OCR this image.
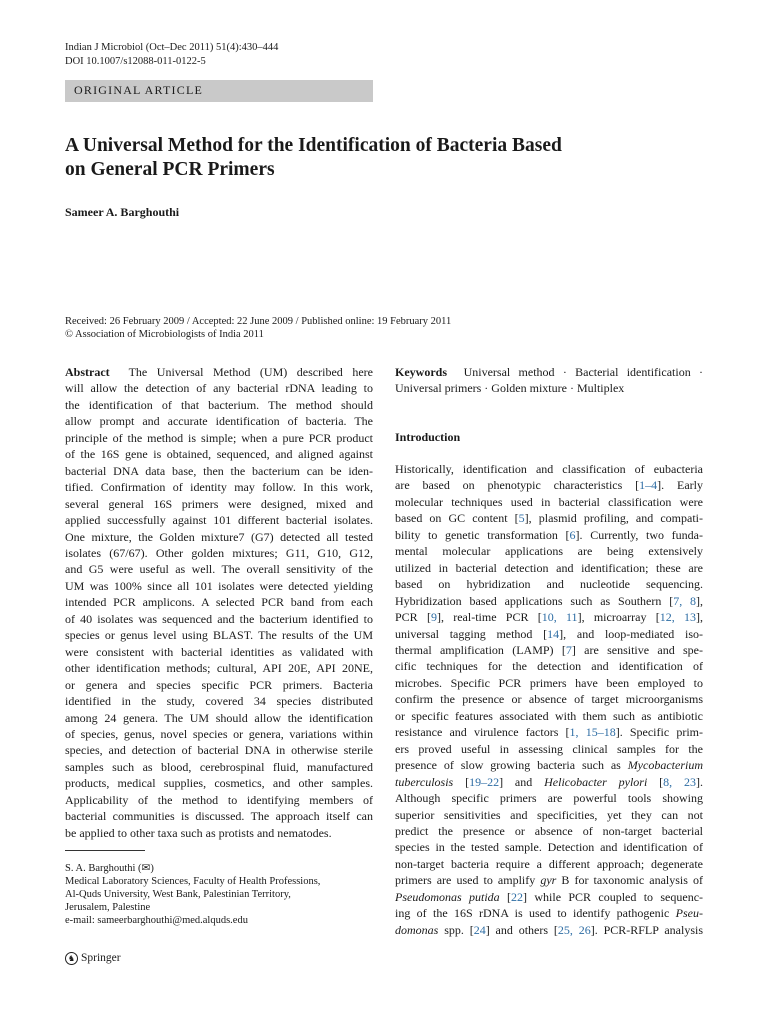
Indian J Microbiol (Oct–Dec 2011) 51(4):430–444
DOI 10.1007/s12088-011-0122-5
ORIGINAL ARTICLE
A Universal Method for the Identification of Bacteria Based
on General PCR Primers
Sameer A. Barghouthi
Received: 26 February 2009 / Accepted: 22 June 2009 / Published online: 19 February 2011
© Association of Microbiologists of India 2011
Abstract  The Universal Method (UM) described here
will allow the detection of any bacterial rDNA leading to
the identification of that bacterium. The method should
allow prompt and accurate identification of bacteria. The
principle of the method is simple; when a pure PCR product
of the 16S gene is obtained, sequenced, and aligned against
bacterial DNA data base, then the bacterium can be iden-
tified. Confirmation of identity may follow. In this work,
several general 16S primers were designed, mixed and
applied successfully against 101 different bacterial isolates.
One mixture, the Golden mixture7 (G7) detected all tested
isolates (67/67). Other golden mixtures; G11, G10, G12,
and G5 were useful as well. The overall sensitivity of the
UM was 100% since all 101 isolates were detected yielding
intended PCR amplicons. A selected PCR band from each
of 40 isolates was sequenced and the bacterium identified to
species or genus level using BLAST. The results of the UM
were consistent with bacterial identities as validated with
other identification methods; cultural, API 20E, API 20NE,
or genera and species specific PCR primers. Bacteria
identified in the study, covered 34 species distributed
among 24 genera. The UM should allow the identification
of species, genus, novel species or genera, variations within
species, and detection of bacterial DNA in otherwise sterile
samples such as blood, cerebrospinal fluid, manufactured
products, medical supplies, cosmetics, and other samples.
Applicability of the method to identifying members of
bacterial communities is discussed. The approach itself can
be applied to other taxa such as protists and nematodes.
S. A. Barghouthi (✉)
Medical Laboratory Sciences, Faculty of Health Professions,
Al-Quds University, West Bank, Palestinian Territory,
Jerusalem, Palestine
e-mail: sameerbarghouthi@med.alquds.edu
♞ Springer
Keywords Universal method · Bacterial identification ·
Universal primers · Golden mixture · Multiplex
Introduction
Historically, identification and classification of eubacteria
are based on phenotypic characteristics [1–4]. Early
molecular techniques used in bacterial classification were
based on GC content [5], plasmid profiling, and compati-
bility to genetic transformation [6]. Currently, two funda-
mental molecular applications are being extensively
utilized in bacterial detection and identification; these are
based on hybridization and nucleotide sequencing.
Hybridization based applications such as Southern [7, 8],
PCR [9], real-time PCR [10, 11], microarray [12, 13],
universal tagging method [14], and loop-mediated iso-
thermal amplification (LAMP) [7] are sensitive and spe-
cific techniques for the detection and identification of
microbes. Specific PCR primers have been employed to
confirm the presence or absence of target microorganisms
or specific features associated with them such as antibiotic
resistance and virulence factors [1, 15–18]. Specific prim-
ers proved useful in assessing clinical samples for the
presence of slow growing bacteria such as Mycobacterium
tuberculosis [19–22] and Helicobacter pylori [8, 23].
Although specific primers are powerful tools showing
superior sensitivities and specificities, yet they can not
predict the presence or absence of non-target bacterial
species in the tested sample. Detection and identification of
non-target bacteria require a different approach; degenerate
primers are used to amplify gyr B for taxonomic analysis of
Pseudomonas putida [22] while PCR coupled to sequenc-
ing of the 16S rDNA is used to identify pathogenic Pseu-
domonas spp. [24] and others [25, 26]. PCR-RFLP analysis
